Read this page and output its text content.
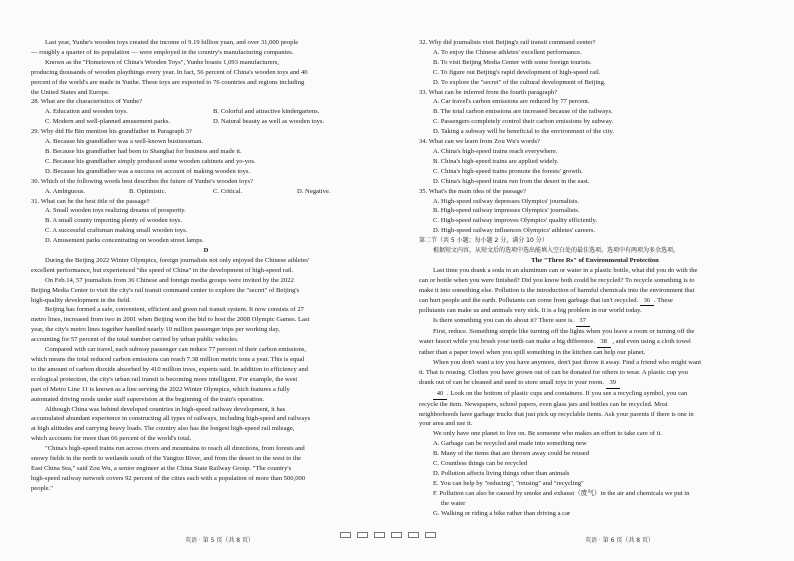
Last year, Yunhe's wooden toys created the income of 9.19 billion yuan, and over 31,000 people
— roughly a quarter of its population — were employed in the country's manufacturing companies.
Known as the "Hometown of China's Wooden Toys", Yunhe boasts 1,093 manufacturers,
producing thousands of wooden playthings every year. In fact, 56 percent of China's wooden toys and 40
percent of the world's are made in Yunhe. These toys are exported to 76 countries and regions including
the United States and Europe.
28. What are the characteristics of Yunhe?
A. Education and wooden toys.	B. Colorful and attractive kindergartens.
C. Modern and well-planned amusement parks.	D. Natural beauty as well as wooden toys.
29. Why did He Bin mention his grandfather in Paragraph 3?
A. Because his grandfather was a well-known businessman.
B. Because his grandfather had been to Shanghai for business and made it.
C. Because his grandfather simply produced some wooden cabinets and yo-yos.
D. Because his grandfather was a success on account of making wooden toys.
30. Which of the following words best describes the future of Yunhe's wooden toys?
A. Ambiguous.	B. Optimistic.	C. Critical.	D. Negative.
31. What can be the best title of the passage?
A. Small wooden toys realizing dreams of prosperity.
B. A small county importing plenty of wooden toys.
C. A successful craftsman making small wooden toys.
D. Amusement parks concentrating on wooden street lamps.
D
During the Beijing 2022 Winter Olympics, foreign journalists not only enjoyed the Chinese athletes'
excellent performance, but experienced "the speed of China" in the development of high-speed rail.
On Feb.14, 57 journalists from 36 Chinese and foreign media groups were invited by the 2022
Beijing Media Center to visit the city's rail transit command center to explore the "secret" of Beijing's
high-quality development in the field.
Beijing has formed a safe, convenient, efficient and green rail transit system. It now consists of 27
metro lines, increased from two in 2001 when Beijing won the bid to host the 2008 Olympic Games. Last
year, the city's metro lines together handled nearly 10 million passenger trips per working day,
accounting for 57 percent of the total number carried by urban public vehicles.
Compared with car travel, each subway passenger can reduce 77 percent of their carbon emissions,
which means the total reduced carbon emissions can reach 7.38 million metric tons a year. This is equal
to the amount of carbon dioxide absorbed by 410 million trees, experts said. In addition to efficiency and
ecological protection, the city's urban rail transit is becoming more intelligent. For example, the west
part of Metro Line 11 is known as a line serving the 2022 Winter Olympics, which features a fully
automated driving mode under staff supervision at the beginning of the train's operation.
Although China was behind developed countries in high-speed railway development, it has
accumulated abundant experience in constructing all types of railways, including high-speed and railways
at high altitudes and carrying heavy loads. The country also has the longest high-speed rail mileage,
which accounts for more than 66 percent of the world's total.
"China's high-speed trains run across rivers and mountains to reach all directions, from forests and
snowy fields in the north to wetlands south of the Yangtze River, and from the desert in the west to the
East China Sea," said Zou Wu, a senior engineer at the China State Railway Group. "The country's
high-speed railway network covers 92 percent of the cities each with a population of more than 500,000
people."
32. Why did journalists visit Beijing's rail transit command center?
A. To enjoy the Chinese athletes' excellent performance.
B. To visit Beijing Media Center with some foreign tourists.
C. To figure out Beijing's rapid development of high-speed rail.
D. To explore the "secret" of the cultural development of Beijing.
33. What can be inferred from the fourth paragraph?
A. Car travel's carbon emissions are reduced by 77 percent.
B. The total carbon emissions are increased because of the railways.
C. Passengers completely control their carbon emissions by subway.
D. Taking a subway will be beneficial to the environment of the city.
34. What can we learn from Zou Wu's words?
A. China's high-speed trains reach everywhere.
B. China's high-speed trains are applied widely.
C. China's high-speed trains promote the forests' growth.
D. China's high-speed trains run from the desert in the east.
35. What's the main idea of the passage?
A. High-speed railway depresses Olympics' journalists.
B. High-speed railway impresses Olympics' journalists.
C. High-speed railway improves Olympics' quality efficiently.
D. High-speed railway influences Olympics' athletes' careers.
第二节（共 5 小题；每小题 2 分，满分 10 分）
根据短文内容，从短文后的选项中选出能填入空白处的最佳选项。选项中有两项为多余选项。
The "Three Rs" of Environmental Protection
Last time you drank a soda in an aluminum can or water in a plastic bottle, what did you do with the
can or bottle when you were finished? Did you know both could be recycled? To recycle something is to
make it into something else. Pollution is the introduction of harmful chemicals into the environment that
can hurt people and the earth. Pollutants can come from garbage that isn't recycled. 36 . These
pollutants can make us and animals very sick. It is a big problem in our world today.
Is there something you can do about it? There sure is. 37
First, reduce. Something simple like turning off the lights when you leave a room or turning off the
water faucet while you brush your teeth can make a big difference. 38 , and even using a cloth towel
rather than a paper towel when you spill something in the kitchen can help our planet.
When you don't want a toy you have anymore, don't just throw it away. Find a friend who might want
it. That is reusing. Clothes you have grown out of can be donated for others to wear. A plastic cup you
drank out of can be cleaned and used to store small toys in your room. 39
40 . Look on the bottom of plastic cups and containers. If you see a recycling symbol, you can
recycle the item. Newspapers, school papers, even glass jars and bottles can be recycled. Most
neighborhoods have garbage trucks that just pick up recyclable items. Ask your parents if there is one in
your area and use it.
We only have one planet to live on. Be someone who makes an effort to take care of it.
A. Garbage can be recycled and made into something new
B. Many of the items that are thrown away could be reused
C. Countless things can be recycled
D. Pollution affects living things other than animals
E. You can help by "reducing", "reusing" and "recycling"
F. Pollution can also be caused by smoke and exhaust（废气）in the air and chemicals we put in
the water
G. Walking or riding a bike rather than driving a car
英语 · 第 5 页（共 8 页）	英语 · 第 6 页（共 8 页）
